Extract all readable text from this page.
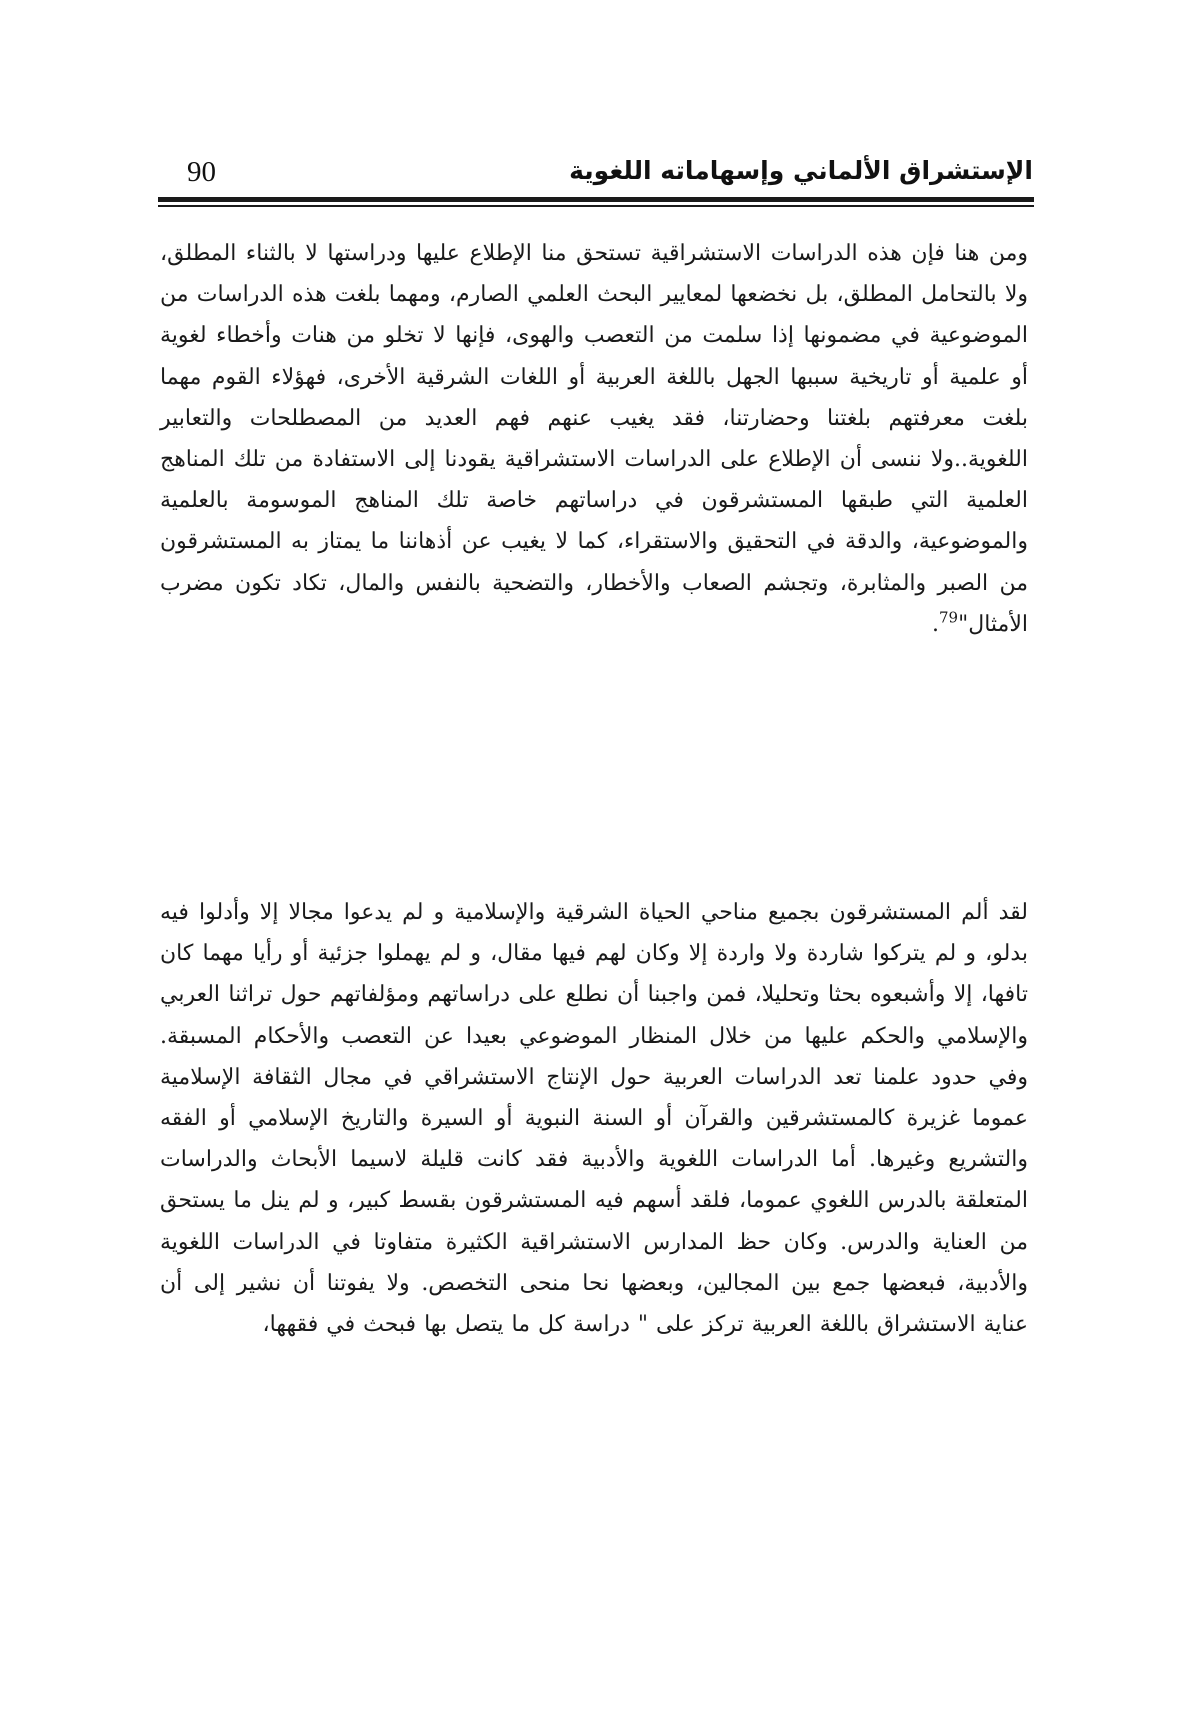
الإستشراق الألماني وإسهاماته اللغوية
90

ومن هنا فإن هذه الدراسات الاستشراقية تستحق منا الإطلاع عليها ودراستها لا بالثناء المطلق، ولا بالتحامل المطلق، بل نخضعها لمعايير البحث العلمي الصارم، ومهما بلغت هذه الدراسات من الموضوعية في مضمونها إذا سلمت من التعصب والهوى، فإنها لا تخلو من هنات وأخطاء لغوية أو علمية أو تاريخية سببها الجهل باللغة العربية أو اللغات الشرقية الأخرى، فهؤلاء القوم مهما بلغت معرفتهم بلغتنا وحضارتنا، فقد يغيب عنهم فهم العديد من المصطلحات والتعابير اللغوية..ولا ننسى أن الإطلاع على الدراسات الاستشراقية يقودنا إلى الاستفادة من تلك المناهج العلمية التي طبقها المستشرقون في دراساتهم خاصة تلك المناهج الموسومة بالعلمية والموضوعية، والدقة في التحقيق والاستقراء، كما لا يغيب عن أذهاننا ما يمتاز به المستشرقون من الصبر والمثابرة، وتجشم الصعاب والأخطار، والتضحية بالنفس والمال، تكاد تكون مضرب الأمثال"$^{79}$.

لقد ألم المستشرقون بجميع مناحي الحياة الشرقية والإسلامية و لم يدعوا مجالا إلا وأدلوا فيه بدلو، و لم يتركوا شاردة ولا واردة إلا وكان لهم فيها مقال، و لم يهملوا جزئية أو رأيا مهما كان تافها، إلا وأشبعوه بحثا وتحليلا، فمن واجبنا أن نطلع على دراساتهم ومؤلفاتهم حول تراثنا العربي والإسلامي والحكم عليها من خلال المنظار الموضوعي بعيدا عن التعصب والأحكام المسبقة. وفي حدود علمنا تعد الدراسات العربية حول الإنتاج الاستشراقي في مجال الثقافة الإسلامية عموما غزيرة كالمستشرقين والقرآن أو السنة النبوية أو السيرة والتاريخ الإسلامي أو الفقه والتشريع وغيرها. أما الدراسات اللغوية والأدبية فقد كانت قليلة لاسيما الأبحاث والدراسات المتعلقة بالدرس اللغوي عموما، فلقد أسهم فيه المستشرقون بقسط كبير، و لم ينل ما يستحق من العناية والدرس. وكان حظ المدارس الاستشراقية الكثيرة متفاوتا في الدراسات اللغوية والأدبية، فبعضها جمع بين المجالين، وبعضها نحا منحى التخصص. ولا يفوتنا أن نشير إلى أن عناية الاستشراق باللغة العربية تركز على " دراسة كل ما يتصل بها فبحث في فقهها،
